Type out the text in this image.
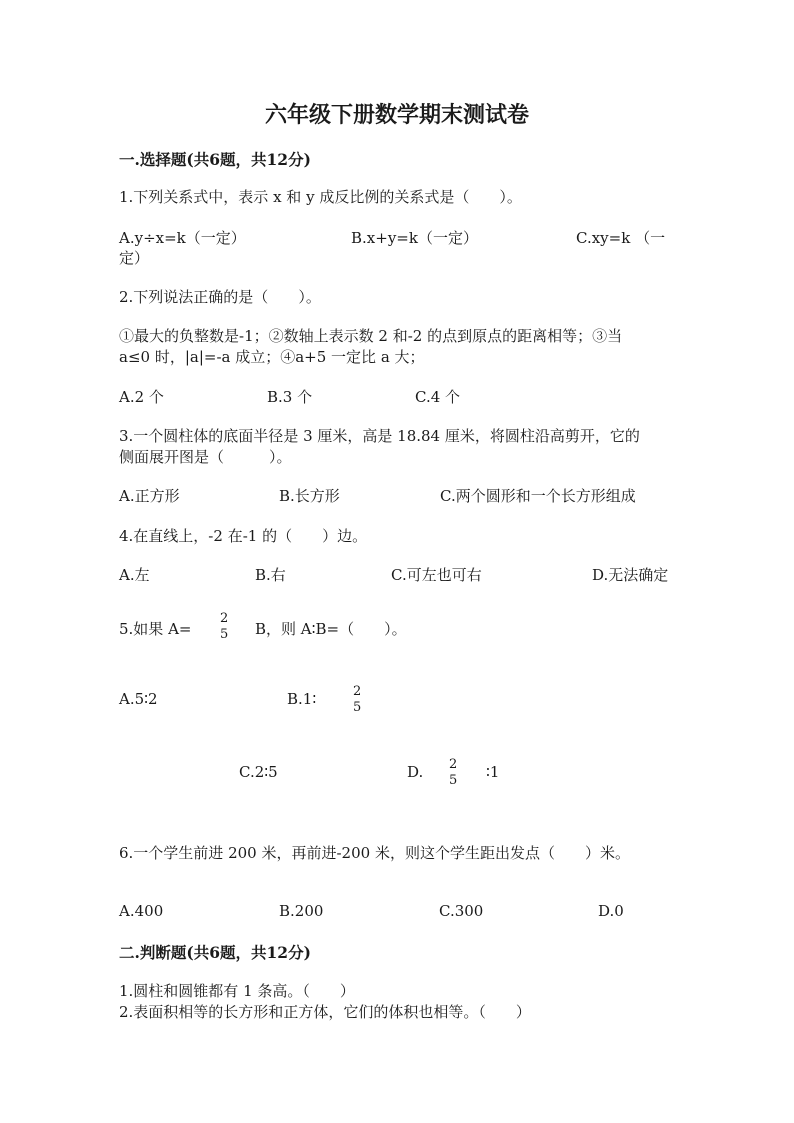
六年级下册数学期末测试卷
一.选择题(共6题，共12分)
1.下列关系式中，表示 x 和 y 成反比例的关系式是（　　）。
A.y÷x=k（一定）	B.x+y=k（一定）	C.xy=k （一
定）
2.下列说法正确的是（　　）。
①最大的负整数是-1；②数轴上表示数 2 和-2 的点到原点的距离相等；③当
a≤0 时，|a|=-a 成立；④a+5 一定比 a 大；
A.2 个	B.3 个	C.4 个
3.一个圆柱体的底面半径是 3 厘米，高是 18.84 厘米，将圆柱沿高剪开，它的
侧面展开图是（　　　）。
A.正方形	B.长方形	C.两个圆形和一个长方形组成
4.在直线上，-2 在-1 的（　　）边。
A.左	B.右	C.可左也可右	D.无法确定
5.如果 A=
2
5 B，则 A∶B=（　　）。
A.5∶2	B.1∶	2
5
C.2∶5	D. 2
5 ∶1
6.一个学生前进 200 米，再前进-200 米，则这个学生距出发点（　　）米。
A.400	B.200	C.300	D.0
二.判断题(共6题，共12分)
1.圆柱和圆锥都有 1 条高。（　　）
2.表面积相等的长方形和正方体，它们的体积也相等。（　　）
